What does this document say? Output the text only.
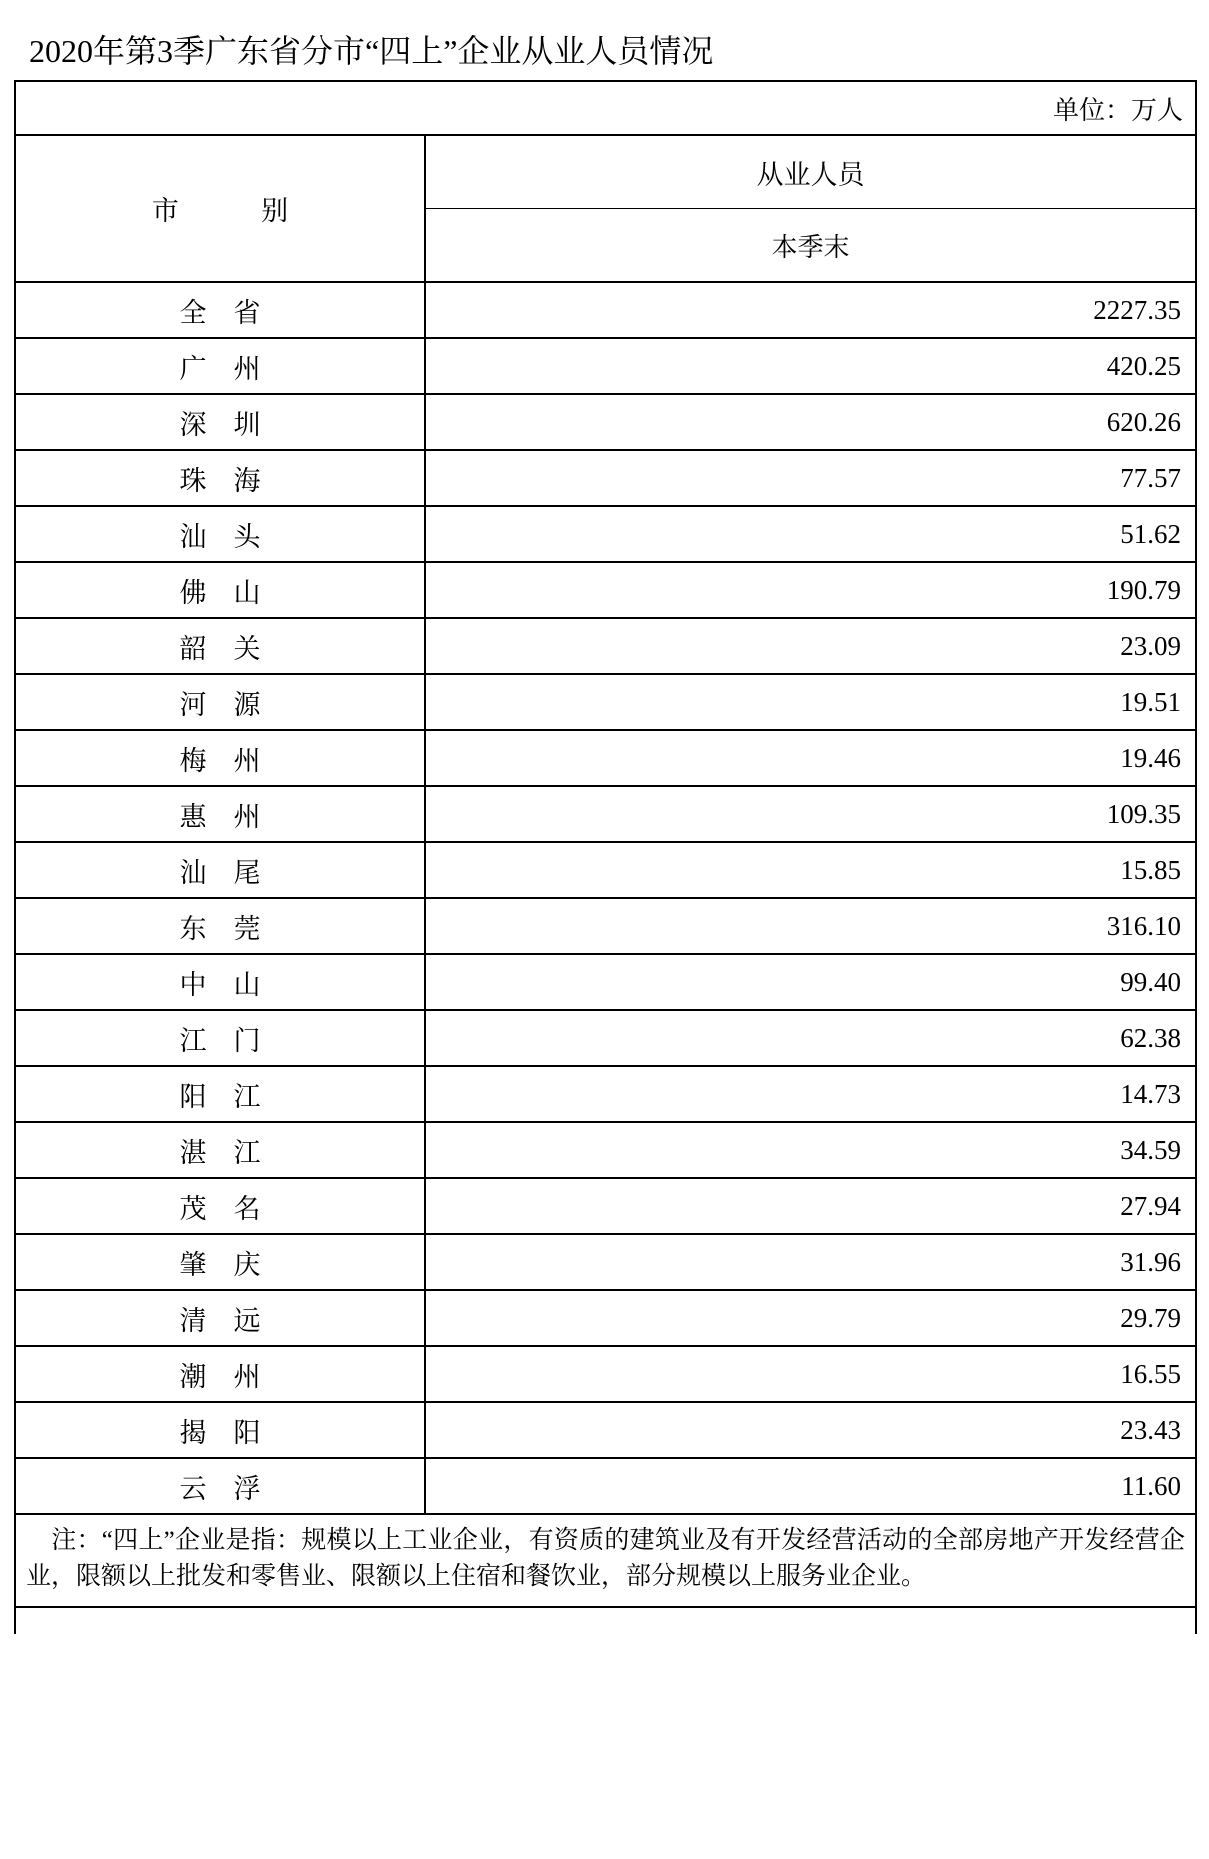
2020年第3季广东省分市“四上”企业从业人员情况	
	单位：万人
市　　别	从业人员
	本季末
全　省	2227.35
广　州	420.25
深　圳	620.26
珠　海	77.57
汕　头	51.62
佛　山	190.79
韶　关	23.09
河　源	19.51
梅　州	19.46
惠　州	109.35
汕　尾	15.85
东　莞	316.10
中　山	99.40
江　门	62.38
阳　江	14.73
湛　江	34.59
茂　名	27.94
肇　庆	31.96
清　远	29.79
潮　州	16.55
揭　阳	23.43
云　浮	11.60
　注：“四上”企业是指：规模以上工业企业，有资质的建筑业及有开发经营活动的全部房地产开发经营企业，限额以上批发和零售业、限额以上住宿和餐饮业，部分规模以上服务业企业。	
